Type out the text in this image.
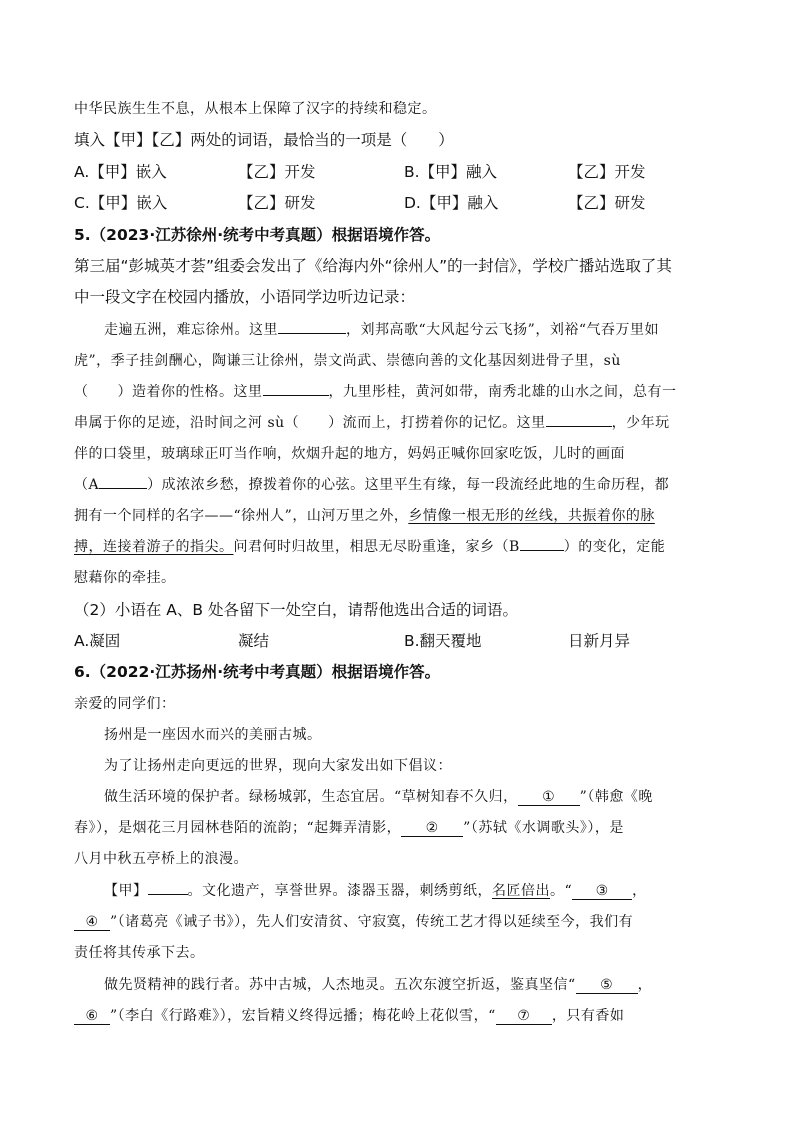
中华民族生生不息，从根本上保障了汉字的持续和稳定。
填入【甲】【乙】两处的词语，最恰当的一项是（　　）
A.【甲】嵌入	【乙】开发	B.【甲】融入	【乙】开发
C.【甲】嵌入	【乙】研发	D.【甲】融入	【乙】研发
5.（2023·江苏徐州·统考中考真题）根据语境作答。
第三届“彭城英才荟”组委会发出了《给海内外“徐州人”的一封信》，学校广播站选取了其
中一段文字在校园内播放，小语同学边听边记录：
走遍五洲，难忘徐州。这里	，刘邦高歌“大风起兮云飞扬”，刘裕“气吞万里如
虎”，季子挂剑酬心，陶谦三让徐州，崇文尚武、崇德向善的文化基因刻进骨子里，sù
（　　）造着你的性格。这里	，九里彤桂，黄河如带，南秀北雄的山水之间，总有一
串属于你的足迹，沿时间之河 sù（　　）流而上，打捞着你的记忆。这里	，少年玩
伴的口袋里，玻璃球正叮当作响，炊烟升起的地方，妈妈正喊你回家吃饭，儿时的画面
（A	）成浓浓乡愁，撩拨着你的心弦。这里平生有缘，每一段流经此地的生命历程，都
拥有一个同样的名字——“徐州人”，山河万里之外，乡情像一根无形的丝线，共振着你的脉
搏，连接着游子的指尖。问君何时归故里，相思无尽盼重逢，家乡（B	）的变化，定能
慰藉你的牵挂。
（2）小语在 A、B 处各留下一处空白，请帮他选出合适的词语。
A.凝固	凝结	B.翻天覆地	日新月异
6.（2022·江苏扬州·统考中考真题）根据语境作答。
亲爱的同学们：
扬州是一座因水而兴的美丽古城。
为了让扬州走向更远的世界，现向大家发出如下倡议：
做生活环境的保护者。绿杨城郭，生态宜居。“草树知春不久归， ① ”（韩愈《晚
春》），是烟花三月园林巷陌的流韵；“起舞弄清影， ② ”（苏轼《水调歌头》），是
八月中秋五亭桥上的浪漫。
【甲】	。文化遗产，享誉世界。漆器玉器，刺绣剪纸，名匠倍出。“ ③ ，
④ ”（诸葛亮《诫子书》），先人们安清贫、守寂寞，传统工艺才得以延续至今，我们有
责任将其传承下去。
做先贤精神的践行者。苏中古城，人杰地灵。五次东渡空折返，鉴真坚信“ ⑤ ，
⑥ ”（李白《行路难》），宏旨精义终得远播；梅花岭上花似雪，“ ⑦ ，只有香如
